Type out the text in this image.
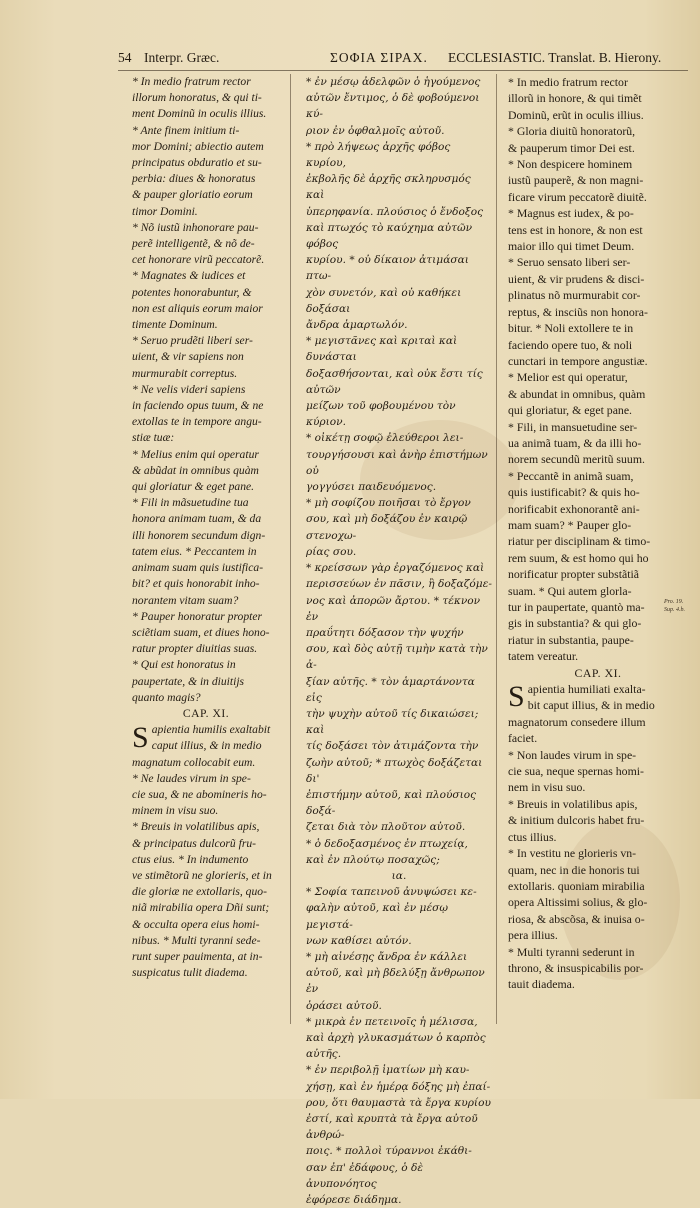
54 Interpr. Græc.	ΣΟΦΙΑ ΣΙΡΑΧ. ECCLESIASTIC. Translat. B. Hierony.

* In medio fratrum rector

illorum honoratus, & qui ti-

ment Dominũ in oculis illius.

* Ante finem initium ti-

mor Domini; abiectio autem

principatus obduratio et su-

perbia: diues & honoratus

& pauper gloriatio eorum

timor Domini.

* Nõ iustũ inhonorare pau-

perẽ intelligentẽ, & nõ de-

cet honorare virũ peccatorẽ.

* Magnates & iudices et

potentes honorabuntur, &

non est aliquis eorum maior

timente Dominum.

* Seruo prudẽti liberi ser-

uient, & vir sapiens non

murmurabit correptus.

* Ne velis videri sapiens

in faciendo opus tuum, & ne

extollas te in tempore angu-

stiæ tuæ:

* Melius enim qui operatur

& abũdat in omnibus quàm

qui gloriatur & eget pane.

* Fili in mãsuetudine tua

honora animam tuam, & da

illi honorem secundum dign-

tatem eius. * Peccantem in

animam suam quis iustifica-

bit? et quis honorabit inho-

norantem vitam suam?

* Pauper honoratur propter

sciẽtiam suam, et diues hono-

ratur propter diuitias suas.

* Qui est honoratus in

paupertate, & in diuitijs

quanto magis?

CAP. XI.

S apientia humilis exaltabit

caput illius, & in medio

magnatum collocabit eum.

* Ne laudes virum in spe-

cie sua, & ne abomineris ho-

minem in visu suo.

* Breuis in volatilibus apis,

& principatus dulcorũ fru-

ctus eius. * In indumento

ve stimẽtorũ ne glorieris, et in

die gloriæ ne extollaris, quo-

niã mirabilia opera Dñi sunt;

& occulta opera eius homi-

nibus. * Multi tyranni sede-

runt super pauimenta, at in-

suspicatus tulit diadema.

* ἐν μέσῳ ἀδελφῶν ὁ ἡγούμενος

αὐτῶν ἔντιμος, ὁ δὲ φοβούμενοι κύ-

ριον ἐν ὀφθαλμοῖς αὐτοῦ.

* πρὸ λήψεως ἀρχῆς φόβος κυρίου,

ἐκβολῆς δὲ ἀρχῆς σκληρυσμός καὶ

ὑπερηφανία. πλούσιος ὁ ἔνδοξος

καὶ πτωχός τὸ καύχημα αὐτῶν φόβος

κυρίου. * οὐ δίκαιον ἀτιμάσαι πτω-

χὸν συνετόν, καὶ οὐ καθήκει δοξάσαι

ἄνδρα ἁμαρτωλόν.

* μεγιστᾶνες καὶ κριταὶ καὶ δυνάσται

δοξασθήσονται, καὶ οὐκ ἔστι τίς αὐτῶν

μείζων τοῦ φοβουμένου τὸν κύριον.

* οἰκέτῃ σοφῷ ἐλεύθεροι λει-

τουργήσουσι καὶ ἀνὴρ ἐπιστήμων οὐ

γογγύσει παιδευόμενος.

* μὴ σοφίζου ποιῆσαι τὸ ἔργον

σου, καὶ μὴ δοξάζου ἐν καιρῷ στενοχω-

ρίας σου.

* κρείσσων γὰρ ἐργαζόμενος καὶ

περισσεύων ἐν πᾶσιν, ἢ δοξαζόμε-

νος καὶ ἀπορῶν ἄρτου. * τέκνον ἐν

πραΰτητι δόξασον τὴν ψυχήν

σου, καὶ δὸς αὐτῇ τιμὴν κατὰ τὴν ἀ-

ξίαν αὐτῆς. * τὸν ἁμαρτάνοντα εἰς

τὴν ψυχὴν αὐτοῦ τίς δικαιώσει; καὶ

τίς δοξάσει τὸν ἀτιμάζοντα τὴν

ζωὴν αὐτοῦ; * πτωχὸς δοξάζεται δι'

ἐπιστήμην αὐτοῦ, καὶ πλούσιος δοξά-

ζεται διὰ τὸν πλοῦτον αὐτοῦ.

* ὁ δεδοξασμένος ἐν πτωχείᾳ,

καὶ ἐν πλούτῳ ποσαχῶς;

ια.

* Σοφία ταπεινοῦ ἀνυψώσει κε-

φαλὴν αὐτοῦ, καὶ ἐν μέσῳ μεγιστά-

νων καθίσει αὐτόν.

* μὴ αἰνέσῃς ἄνδρα ἐν κάλλει

αὐτοῦ, καὶ μὴ βδελύξῃ ἄνθρωπον ἐν

ὁράσει αὐτοῦ.

* μικρὰ ἐν πετεινοῖς ἡ μέλισσα,

καὶ ἀρχὴ γλυκασμάτων ὁ καρπὸς

αὐτῆς.

* ἐν περιβολῇ ἱματίων μὴ καυ-

χήσῃ, καὶ ἐν ἡμέρᾳ δόξης μὴ ἐπαί-

ρου, ὅτι θαυμαστὰ τὰ ἔργα κυρίου

ἐστί, καὶ κρυπτὰ τὰ ἔργα αὐτοῦ ἀνθρώ-

ποις. * πολλοὶ τύραννοι ἐκάθι-

σαν ἐπ' ἐδάφους, ὁ δὲ ἀνυπονόητος

ἐφόρεσε διάδημα.

* In medio fratrum rector

illorũ in honore, & qui timẽt

Dominũ, erũt in oculis illius.

* Gloria diuitũ honoratorũ,

& pauperum timor Dei est.

* Non despicere hominem

iustũ pauperẽ, & non magni-

ficare virum peccatorẽ diuitẽ.

* Magnus est iudex, & po-

tens est in honore, & non est

maior illo qui timet Deum.

* Seruo sensato liberi ser-

uient, & vir prudens & disci-

plinatus nõ murmurabit cor-

reptus, & insciũs non honora-

bitur. * Noli extollere te in

faciendo opere tuo, & noli

cunctari in tempore angustiæ.

* Melior est qui operatur,

& abundat in omnibus, quàm

qui gloriatur, & eget pane.

* Fili, in mansuetudine ser-

ua animã tuam, & da illi ho-

norem secundũ meritũ suum.

* Peccantẽ in animã suam,

quis iustificabit? & quis ho-

norificabit exhonorantẽ ani-

mam suam? * Pauper glo-

riatur per disciplinam & timo-

rem suum, & est homo qui ho

norificatur propter substãtiã

suam. * Qui autem glorla-

tur in paupertate, quantò ma-

gis in substantia? & qui glo-

riatur in substantia, paupe-

tatem vereatur.

CAP. XI.

S apientia humiliati exalta-

bit caput illius, & in medio

magnatorum consedere illum

faciet.

* Non laudes virum in spe-

cie sua, neque spernas homi-

nem in visu suo.

* Breuis in volatilibus apis,

& initium dulcoris habet fru-

ctus illius.

* In vestitu ne glorieris vn-

quam, nec in die honoris tui

extollaris. quoniam mirabilia

opera Altissimi solius, & glo-

riosa, & abscõsa, & inuisa o-

pera illius.

* Multi tyranni sederunt in

throno, & insuspicabilis por-

tauit diadema.

Pro. 19.
Sup. 4.b.
